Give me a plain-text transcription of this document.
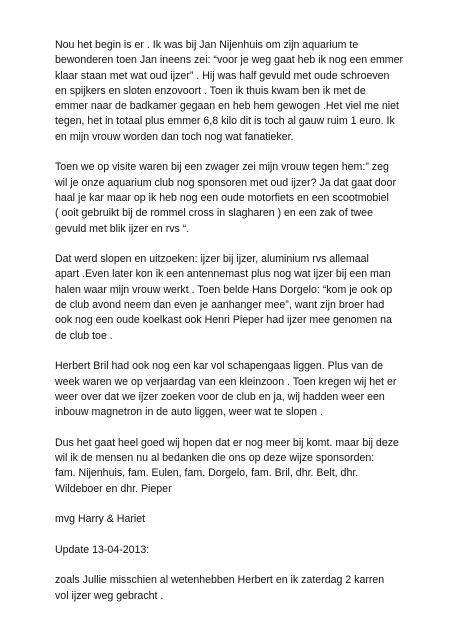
Nou het begin is er . Ik was bij Jan Nijenhuis om zijn aquarium te
bewonderen toen Jan ineens zei: “voor je weg gaat heb ik nog een emmer
klaar staan met wat oud ijzer” . Hij was half gevuld met oude schroeven
en spijkers en sloten enzovoort . Toen ik thuis kwam ben ik met de
emmer naar de badkamer gegaan en heb hem gewogen .Het viel me niet
tegen, het in totaal plus emmer 6,8 kilo dit is toch al gauw ruim 1 euro. Ik
en mijn vrouw worden dan toch nog wat fanatieker.

Toen we op visite waren bij een zwager zei mijn vrouw tegen hem:” zeg
wil je onze aquarium club nog sponsoren met oud ijzer? Ja dat gaat door
haal je kar maar op ik heb nog een oude motorfiets en een scootmobiel
( ooit gebruikt bij de rommel cross in slagharen ) en een zak of twee
gevuld met blik ijzer en rvs “.

Dat werd slopen en uitzoeken: ijzer bij ijzer, aluminium rvs allemaal
apart .Even later kon ik een antennemast plus nog wat ijzer bij een man
halen waar mijn vrouw werkt . Toen belde Hans Dorgelo: “kom je ook op
de club avond neem dan even je aanhanger mee”, want zijn broer had
ook nog een oude koelkast ook Henri Pieper had ijzer mee genomen na
de club toe .

Herbert Bril had ook nog een kar vol schapengaas liggen. Plus van de
week waren we op verjaardag van een kleinzoon . Toen kregen wij het er
weer over dat we ijzer zoeken voor de club en ja, wij hadden weer een
inbouw magnetron in de auto liggen, weer wat te slopen .

Dus het gaat heel goed wij hopen dat er nog meer bij komt. maar bij deze
wil ik de mensen nu al bedanken die ons op deze wijze sponsorden:
fam. Nijenhuis, fam. Eulen, fam. Dorgelo, fam. Bril, dhr. Belt, dhr.
Wildeboer en dhr. Pieper

mvg Harry & Hariet

Update 13-04-2013:

zoals Jullie misschien al wetenhebben Herbert en ik zaterdag 2 karren
vol ijzer weg gebracht .
